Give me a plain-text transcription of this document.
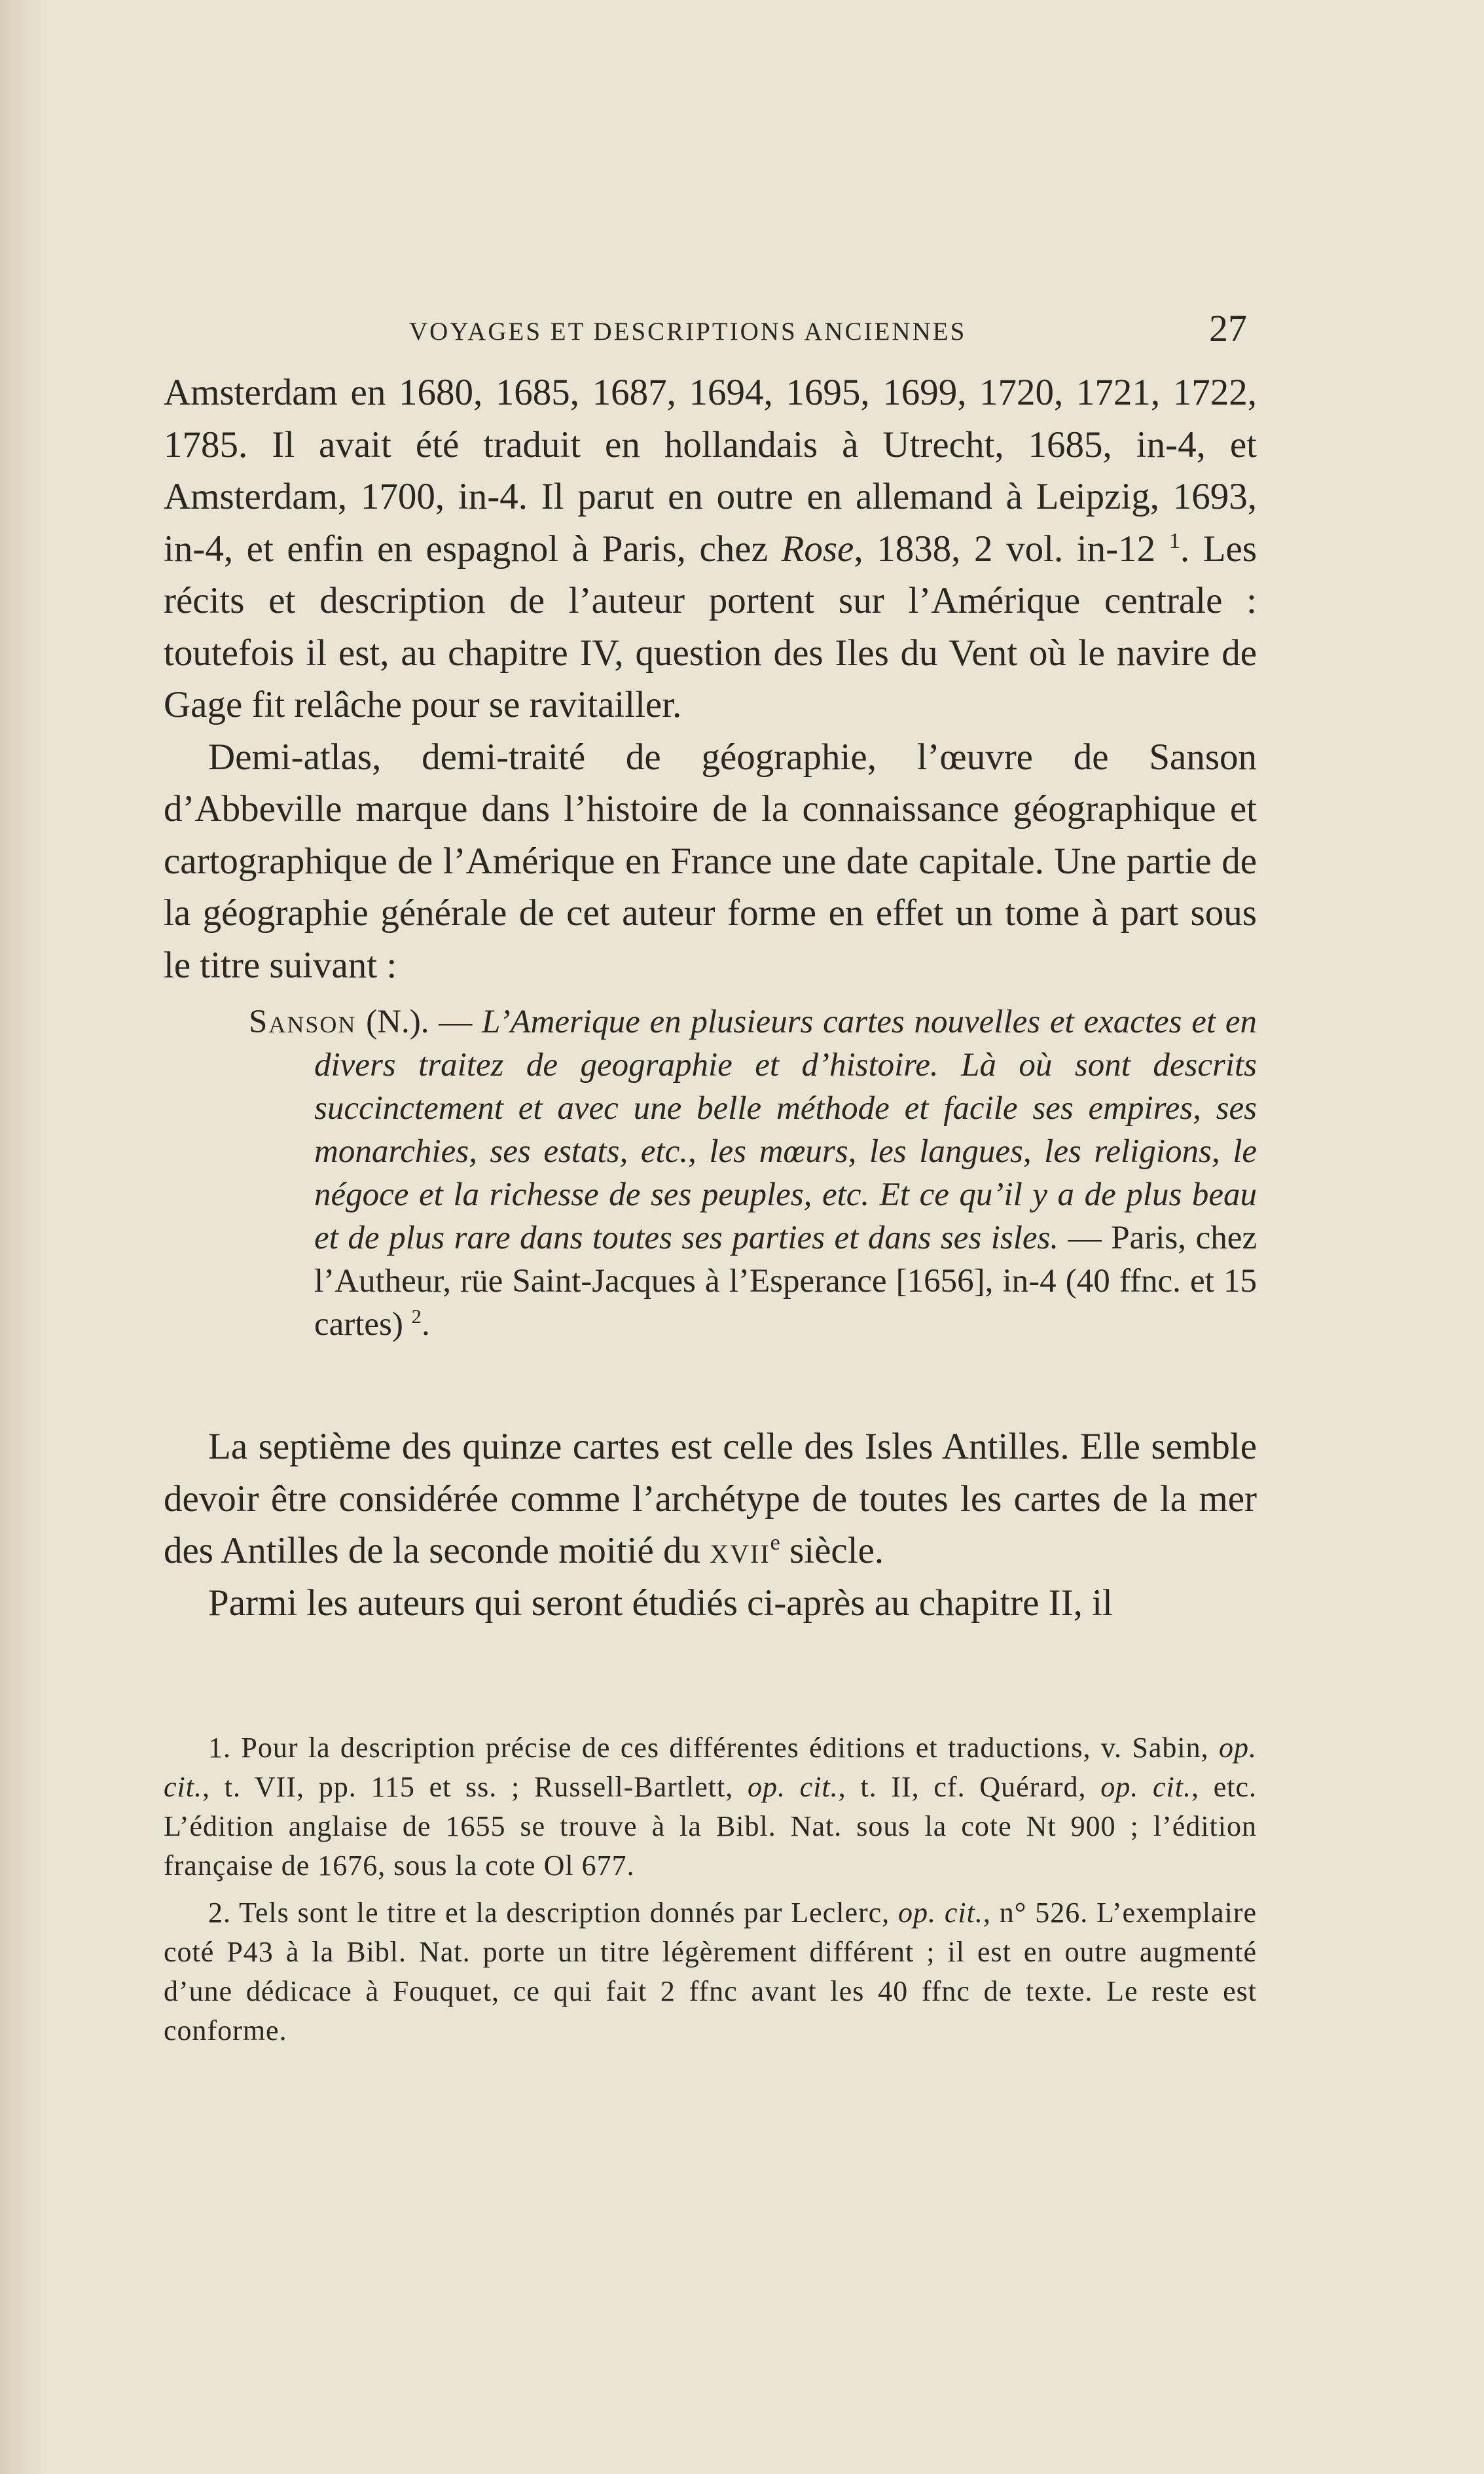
VOYAGES ET DESCRIPTIONS ANCIENNES	27

Amsterdam en 1680, 1685, 1687, 1694, 1695, 1699, 1720, 1721, 1722, 1785. Il avait été traduit en hollandais à Utrecht, 1685, in-4, et Amsterdam, 1700, in-4. Il parut en outre en allemand à Leipzig, 1693, in-4, et enfin en espagnol à Paris, chez Rose, 1838, 2 vol. in-12 $^1$. Les récits et description de l’auteur portent sur l’Amérique centrale : toutefois il est, au chapitre IV, question des Iles du Vent où le navire de Gage fit relâche pour se ravitailler.

Demi-atlas, demi-traité de géographie, l’œuvre de Sanson d’Abbeville marque dans l’histoire de la connaissance géographique et cartographique de l’Amérique en France une date capitale. Une partie de la géographie générale de cet auteur forme en effet un tome à part sous le titre suivant :

Sanson (N.). — L’Amerique en plusieurs cartes nouvelles et exactes et en divers traitez de geographie et d’histoire. Là où sont descrits succinctement et avec une belle méthode et facile ses empires, ses monarchies, ses estats, etc., les mœurs, les langues, les religions, le négoce et la richesse de ses peuples, etc. Et ce qu’il y a de plus beau et de plus rare dans toutes ses parties et dans ses isles. — Paris, chez l’Autheur, rüe Saint-Jacques à l’Esperance [1656], in-4 (40 ffnc. et 15 cartes) $^2$.

La septième des quinze cartes est celle des Isles Antilles. Elle semble devoir être considérée comme l’archétype de toutes les cartes de la mer des Antilles de la seconde moitié du xvii$^e$ siècle.

Parmi les auteurs qui seront étudiés ci-après au chapitre II, il

1. Pour la description précise de ces différentes éditions et traductions, v. Sabin, op. cit., t. VII, pp. 115 et ss. ; Russell-Bartlett, op. cit., t. II, cf. Quérard, op. cit., etc. L’édition anglaise de 1655 se trouve à la Bibl. Nat. sous la cote Nt 900 ; l’édition française de 1676, sous la cote Ol 677.

2. Tels sont le titre et la description donnés par Leclerc, op. cit., n° 526. L’exemplaire coté P43 à la Bibl. Nat. porte un titre légèrement différent ; il est en outre augmenté d’une dédicace à Fouquet, ce qui fait 2 ffnc avant les 40 ffnc de texte. Le reste est conforme.
